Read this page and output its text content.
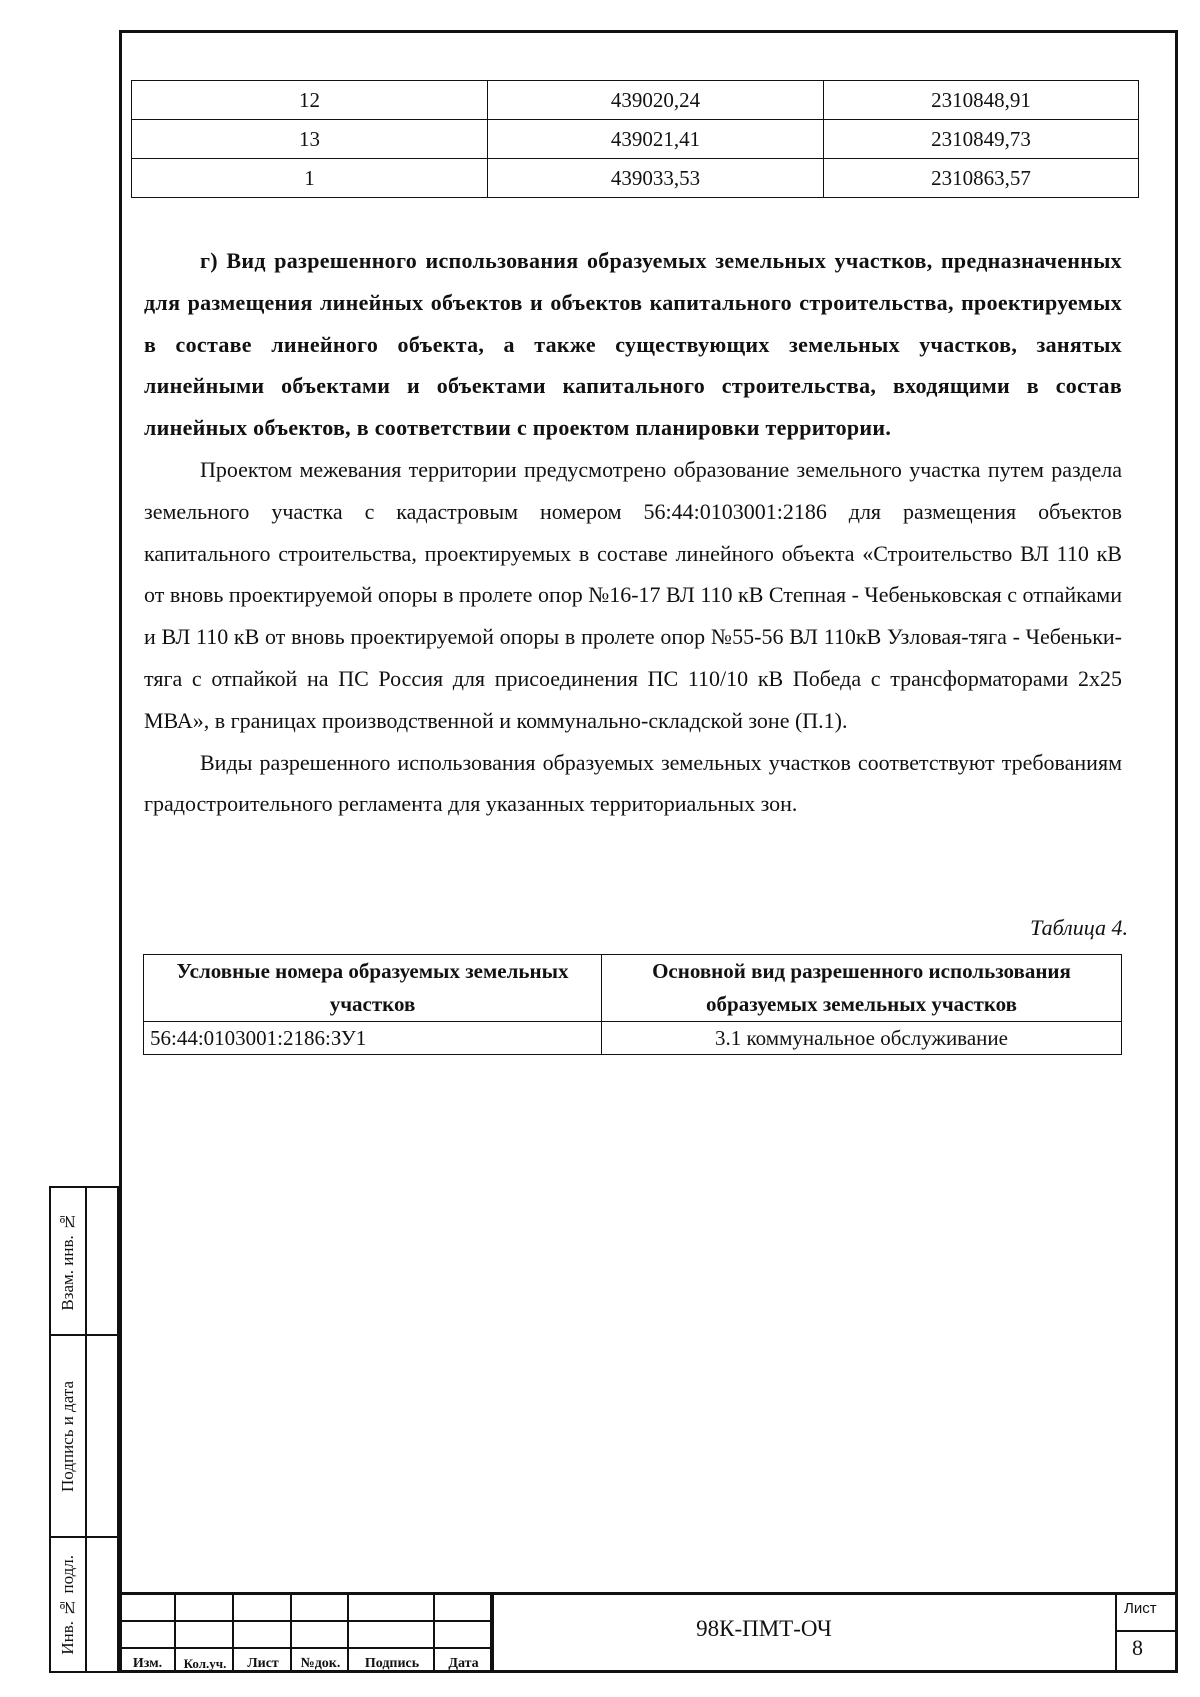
12	439020,24	2310848,91
13	439021,41	2310849,73
1	439033,53	2310863,57

г) Вид разрешенного использования образуемых земельных участков, предназначенных для размещения линейных объектов и объектов капитального строительства, проектируемых в составе линейного объекта, а также существующих земельных участков, занятых линейными объектами и объектами капитального строительства, входящими в состав линейных объектов, в соответствии с проектом планировки территории.

Проектом межевания территории предусмотрено образование земельного участка путем раздела земельного участка с кадастровым номером 56:44:0103001:2186 для размещения объектов капитального строительства, проектируемых в составе линейного объекта «Строительство ВЛ 110 кВ от вновь проектируемой опоры в пролете опор №16-17 ВЛ 110 кВ Степная - Чебеньковская с отпайками и ВЛ 110 кВ от вновь проектируемой опоры в пролете опор №55-56 ВЛ 110кВ Узловая-тяга - Чебеньки-тяга с отпайкой на ПС Россия для присоединения ПС 110/10 кВ Победа с трансформаторами 2х25 МВА», в границах производственной и коммунально-складской зоне (П.1).

Виды разрешенного использования образуемых земельных участков соответствуют требованиям градостроительного регламента для указанных территориальных зон.

Таблица 4.
Условные номера образуемых земельных участков	Основной вид разрешенного использования образуемых земельных участков
56:44:0103001:2186:ЗУ1	3.1 коммунальное обслуживание
Взам. инв. №
Подпись и дата
Инв. № подл.
Изм.	Кол.уч.	Лист	№док.	Подпись	Дата
98К-ПМТ-ОЧ
Лист
8
